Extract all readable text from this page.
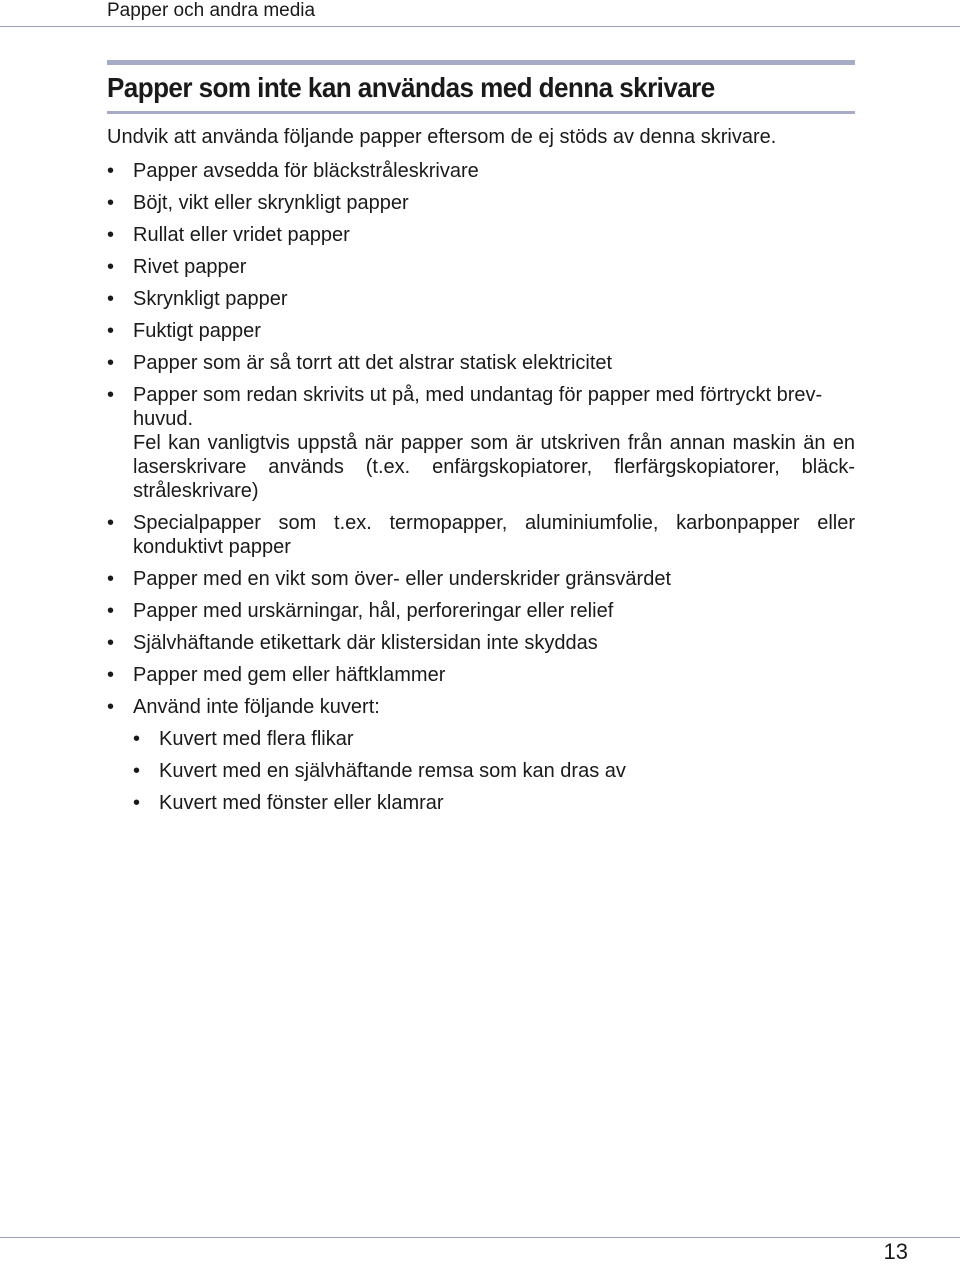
Papper och andra media
Papper som inte kan användas med denna skrivare
Undvik att använda följande papper eftersom de ej stöds av denna skrivare.
• Papper avsedda för bläckstråleskrivare
• Böjt, vikt eller skrynkligt papper
• Rullat eller vridet papper
• Rivet papper
• Skrynkligt papper
• Fuktigt papper
• Papper som är så torrt att det alstrar statisk elektricitet
• Papper som redan skrivits ut på, med undantag för papper med förtryckt brev-huvud.
Fel kan vanligtvis uppstå när papper som är utskriven från annan maskin än en laserskrivare används (t.ex. enfärgskopiatorer, flerfärgskopiatorer, bläck-stråleskrivare)
• Specialpapper som t.ex. termopapper, aluminiumfolie, karbonpapper eller konduktivt papper
• Papper med en vikt som över- eller underskrider gränsvärdet
• Papper med urskärningar, hål, perforeringar eller relief
• Självhäftande etikettark där klistersidan inte skyddas
• Papper med gem eller häftklammer
• Använd inte följande kuvert:
• Kuvert med flera flikar
• Kuvert med en självhäftande remsa som kan dras av
• Kuvert med fönster eller klamrar
13
